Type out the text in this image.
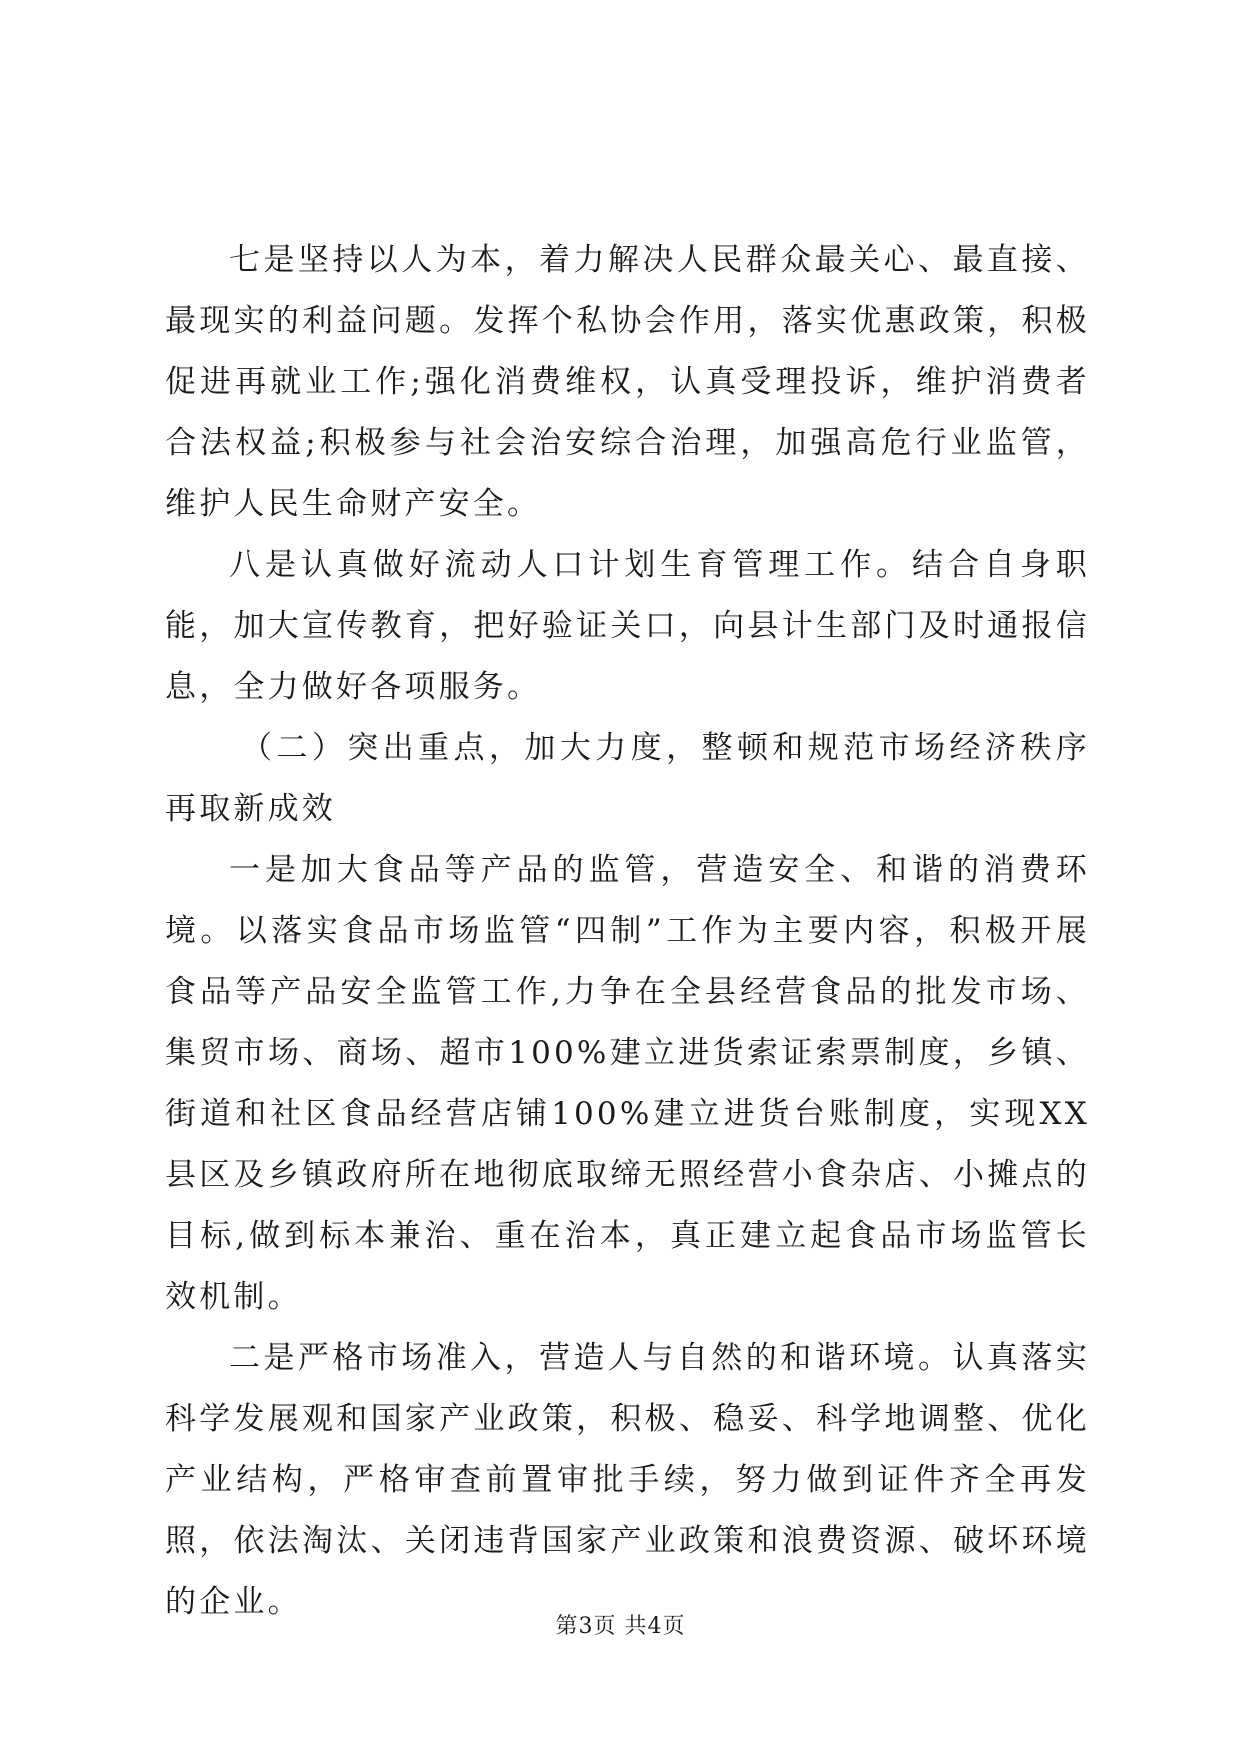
七是坚持以人为本，着力解决人民群众最关心、最直接、最现实的利益问题。发挥个私协会作用，落实优惠政策，积极促进再就业工作;强化消费维权，认真受理投诉，维护消费者合法权益;积极参与社会治安综合治理，加强高危行业监管，维护人民生命财产安全。

八是认真做好流动人口计划生育管理工作。结合自身职能，加大宣传教育，把好验证关口，向县计生部门及时通报信息，全力做好各项服务。

（二）突出重点，加大力度，整顿和规范市场经济秩序再取新成效

一是加大食品等产品的监管，营造安全、和谐的消费环境。以落实食品市场监管“四制”工作为主要内容，积极开展食品等产品安全监管工作,力争在全县经营食品的批发市场、集贸市场、商场、超市100%建立进货索证索票制度，乡镇、街道和社区食品经营店铺100%建立进货台账制度，实现XX县区及乡镇政府所在地彻底取缔无照经营小食杂店、小摊点的目标,做到标本兼治、重在治本，真正建立起食品市场监管长效机制。

二是严格市场准入，营造人与自然的和谐环境。认真落实科学发展观和国家产业政策，积极、稳妥、科学地调整、优化产业结构，严格审查前置审批手续，努力做到证件齐全再发照，依法淘汰、关闭违背国家产业政策和浪费资源、破坏环境的企业。

第3页 共4页
